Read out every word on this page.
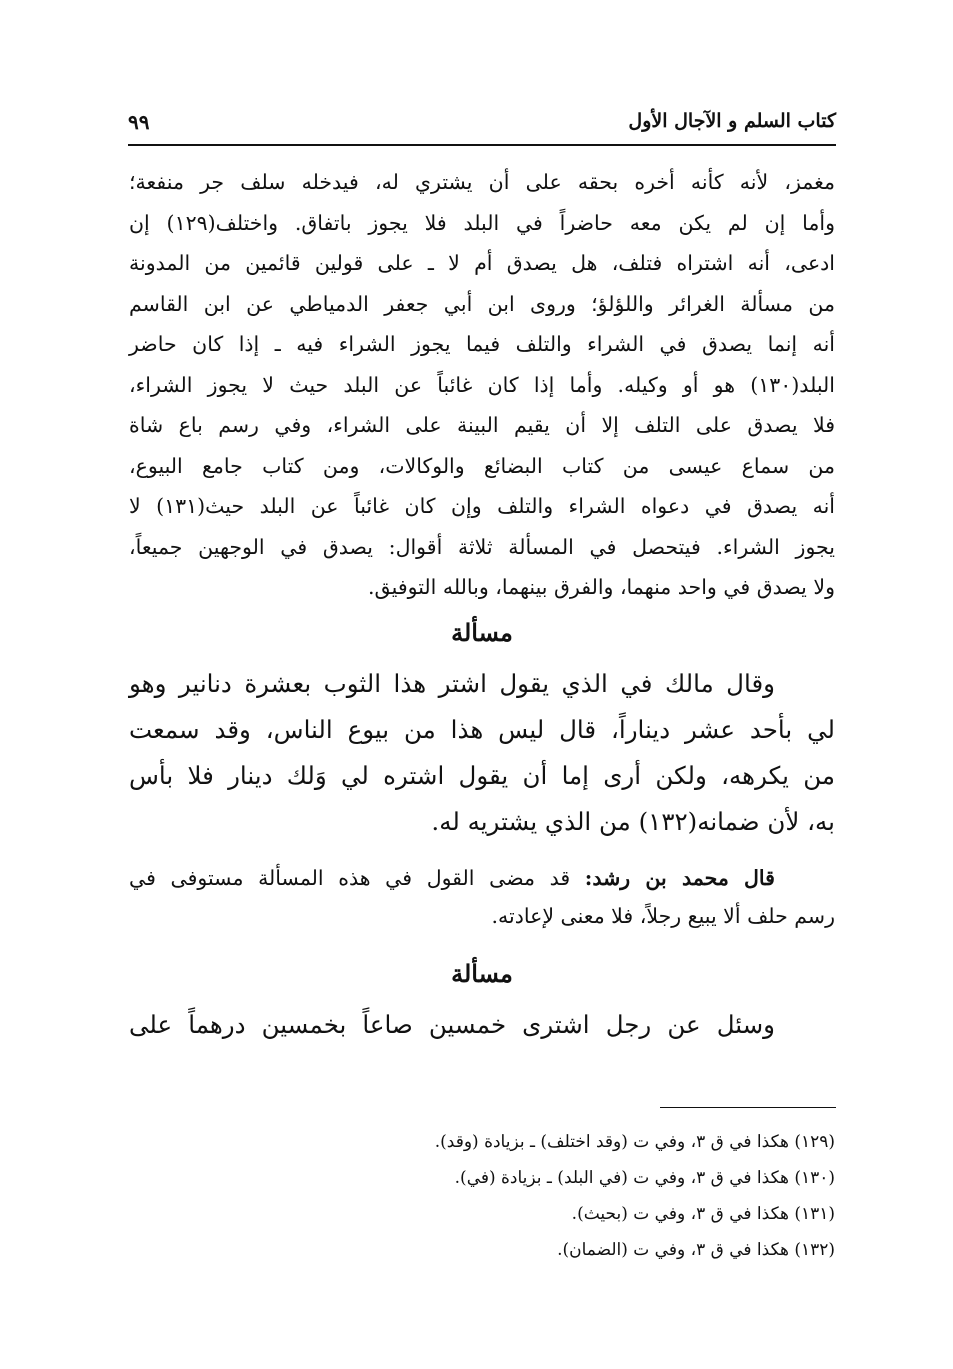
كتاب السلم و الآجال الأول
٩٩

مغمز، لأنه كأنه أخره بحقه على أن يشتري له، فيدخله سلف جر منفعة؛

وأما إن لم يكن معه حاضراً في البلد فلا يجوز باتفاق. واختلف(١٢٩) إن

ادعى، أنه اشتراه فتلف، هل يصدق أم لا ـ على قولين قائمين من المدونة

من مسألة الغرائر واللؤلؤ؛ وروى ابن أبي جعفر الدمياطي عن ابن القاسم

أنه إنما يصدق في الشراء والتلف فيما يجوز الشراء فيه ـ إذا كان حاضر

البلد(١٣٠) هو أو وكيله. وأما إذا كان غائباً عن البلد حيث لا يجوز الشراء،

فلا يصدق على التلف إلا أن يقيم البينة على الشراء، وفي رسم باع شاة

من سماع عيسى من كتاب البضائع والوكالات، ومن كتاب جامع البيوع،

أنه يصدق في دعواه الشراء والتلف وإن كان غائباً عن البلد حيث(١٣١) لا

يجوز الشراء. فيتحصل في المسألة ثلاثة أقوال: يصدق في الوجهين جميعاً،

ولا يصدق في واحد منهما، والفرق بينهما، وبالله التوفيق.

مسألة

وقال مالك في الذي يقول اشتر هذا الثوب بعشرة دنانير وهو

لي بأحد عشر ديناراً، قال ليس هذا من بيوع الناس، وقد سمعت

من يكرهه، ولكن أرى إما أن يقول اشتره لي وَلك دينار فلا بأس

به، لأن ضمانه(١٣٢) من الذي يشتريه له.

قال محمد بن رشد: قد مضى القول في هذه المسألة مستوفى في

رسم حلف ألا يبيع رجلاً، فلا معنى لإعادته.

مسألة

وسئل عن رجل اشترى خمسين صاعاً بخمسين درهماً على

(١٢٩) هكذا في ق ٣، وفي ت (وقد اختلف) ـ بزيادة (وقد).

(١٣٠) هكذا في ق ٣، وفي ت (في البلد) ـ بزيادة (في).

(١٣١) هكذا في ق ٣، وفي ت (بحيث).

(١٣٢) هكذا في ق ٣، وفي ت (الضمان).
